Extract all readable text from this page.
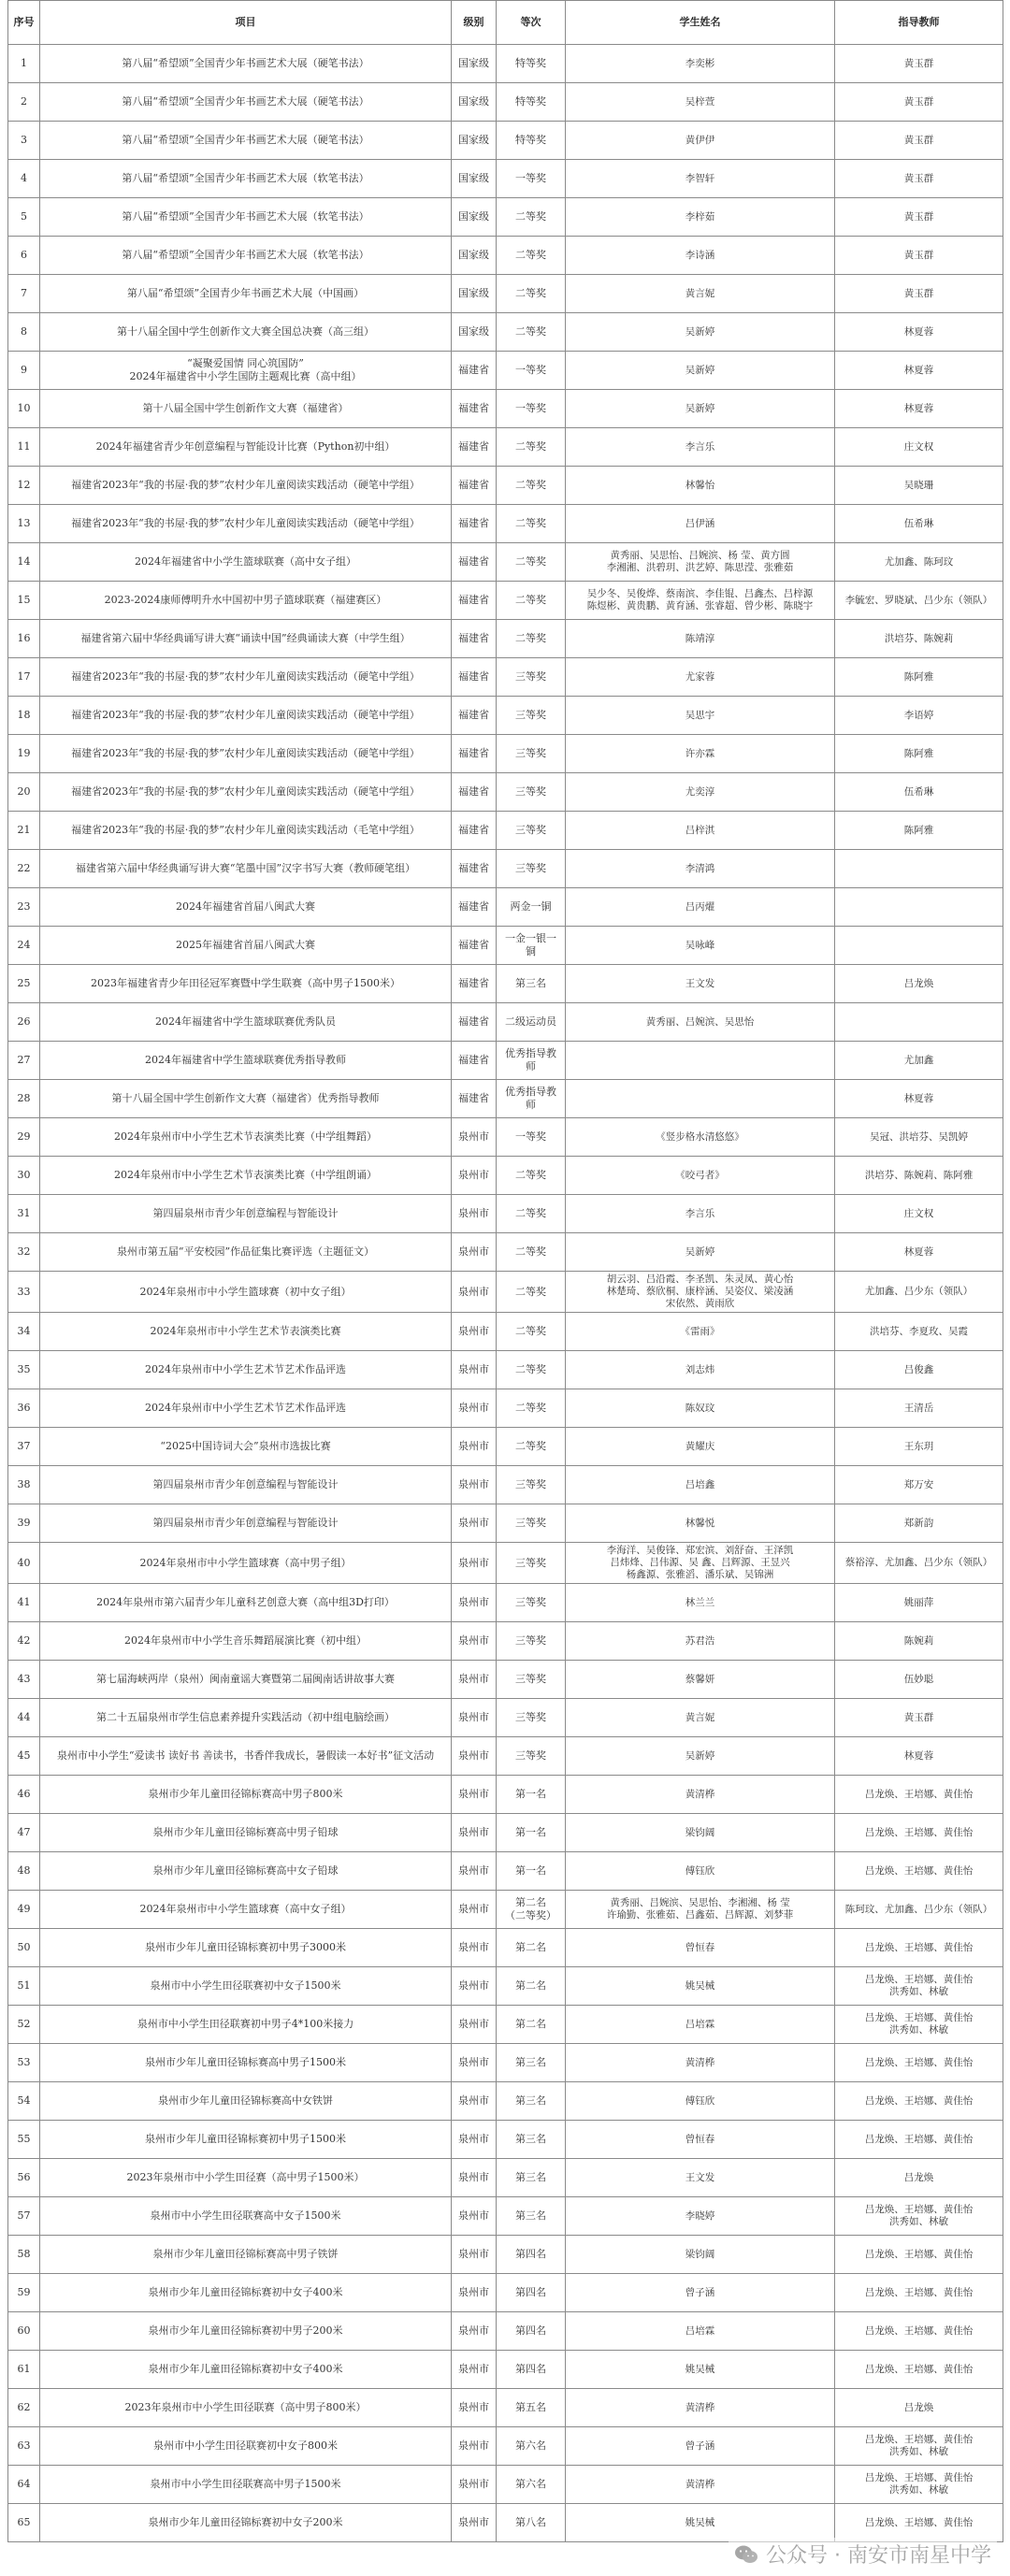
序号	项目	级别	等次	学生姓名	指导教师
1	第八届“希望颂”全国青少年书画艺术大展（硬笔书法）	国家级	特等奖	李奕彬	黄玉群
2	第八届“希望颂”全国青少年书画艺术大展（硬笔书法）	国家级	特等奖	吴梓萱	黄玉群
3	第八届“希望颂”全国青少年书画艺术大展（硬笔书法）	国家级	特等奖	黄伊伊	黄玉群
4	第八届“希望颂”全国青少年书画艺术大展（软笔书法）	国家级	一等奖	李智轩	黄玉群
5	第八届“希望颂”全国青少年书画艺术大展（软笔书法）	国家级	二等奖	李梓茹	黄玉群
6	第八届“希望颂”全国青少年书画艺术大展（软笔书法）	国家级	二等奖	李诗涵	黄玉群
7	第八届“希望颂”全国青少年书画艺术大展（中国画）	国家级	二等奖	黄言妮	黄玉群
8	第十八届全国中学生创新作文大赛全国总决赛（高三组）	国家级	二等奖	吴新婷	林夏蓉
9	“凝聚爱国情 同心筑国防”
2024年福建省中小学生国防主题观比赛（高中组）	福建省	一等奖	吴新婷	林夏蓉
10	第十八届全国中学生创新作文大赛（福建省）	福建省	一等奖	吴新婷	林夏蓉
11	2024年福建省青少年创意编程与智能设计比赛（Python初中组）	福建省	二等奖	李言乐	庄文权
12	福建省2023年“我的书屋·我的梦”农村少年儿童阅读实践活动（硬笔中学组）	福建省	二等奖	林馨怡	吴晓珊
13	福建省2023年“我的书屋·我的梦”农村少年儿童阅读实践活动（硬笔中学组）	福建省	二等奖	吕伊涵	伍希琳
14	2024年福建省中小学生篮球联赛（高中女子组）	福建省	二等奖	黄秀丽、吴思怡、吕婉滨、杨 莹、黄方圆
李湘湘、洪碧玥、洪艺婷、陈思滢、张雅茹	尤加鑫、陈珂玟
15	2023-2024康师傅明升水中国初中男子篮球联赛（福建赛区）	福建省	二等奖	吴少冬、吴俊烨、蔡南滨、李佳锟、吕鑫杰、吕梓源
陈煜彬、黄贵鹏、黄育涵、张睿超、曾少彬、陈晓宇	李毓宏、罗晓斌、吕少东（领队）
16	福建省第六届中华经典诵写讲大赛“诵读中国”经典诵读大赛（中学生组）	福建省	二等奖	陈靖淳	洪培芬、陈婉莉
17	福建省2023年“我的书屋·我的梦”农村少年儿童阅读实践活动（硬笔中学组）	福建省	三等奖	尤家蓉	陈阿雅
18	福建省2023年“我的书屋·我的梦”农村少年儿童阅读实践活动（硬笔中学组）	福建省	三等奖	吴思宇	李语婷
19	福建省2023年“我的书屋·我的梦”农村少年儿童阅读实践活动（硬笔中学组）	福建省	三等奖	许亦霖	陈阿雅
20	福建省2023年“我的书屋·我的梦”农村少年儿童阅读实践活动（硬笔中学组）	福建省	三等奖	尤奕淳	伍希琳
21	福建省2023年“我的书屋·我的梦”农村少年儿童阅读实践活动（毛笔中学组）	福建省	三等奖	吕梓淇	陈阿雅
22	福建省第六届中华经典诵写讲大赛“笔墨中国”汉字书写大赛（教师硬笔组）	福建省	三等奖	李清鸿	
23	2024年福建省首届八闽武大赛	福建省	两金一铜	吕丙燿	
24	2025年福建省首届八闽武大赛	福建省	一金一银一铜	吴咏峰	
25	2023年福建省青少年田径冠军赛暨中学生联赛（高中男子1500米）	福建省	第三名	王文发	吕龙焕
26	2024年福建省中学生篮球联赛优秀队员	福建省	二级运动员	黄秀丽、吕婉滨、吴思怡	
27	2024年福建省中学生篮球联赛优秀指导教师	福建省	优秀指导教师		尤加鑫
28	第十八届全国中学生创新作文大赛（福建省）优秀指导教师	福建省	优秀指导教师		林夏蓉
29	2024年泉州市中小学生艺术节表演类比赛（中学组舞蹈）	泉州市	一等奖	《竖步格水清悠悠》	吴冠、洪培芬、吴凯婷
30	2024年泉州市中小学生艺术节表演类比赛（中学组朗诵）	泉州市	二等奖	《咬弓者》	洪培芬、陈婉莉、陈阿雅
31	第四届泉州市青少年创意编程与智能设计	泉州市	二等奖	李言乐	庄文权
32	泉州市第五届“平安校园”作品征集比赛评选（主题征文）	泉州市	二等奖	吴新婷	林夏蓉
33	2024年泉州市中小学生篮球赛（初中女子组）	泉州市	二等奖	胡云羽、吕沿霞、李圣凯、朱灵凤、黄心怡
林楚琦、蔡欣桐、康梓涵、吴姿仪、梁凌涵
宋依然、黄雨欣	尤加鑫、吕少东（领队）
34	2024年泉州市中小学生艺术节表演类比赛	泉州市	二等奖	《雷雨》	洪培芬、李夏玫、吴霞
35	2024年泉州市中小学生艺术节艺术作品评选	泉州市	二等奖	刘志炜	吕俊鑫
36	2024年泉州市中小学生艺术节艺术作品评选	泉州市	二等奖	陈奴玟	王清岳
37	“2025中国诗词大会”泉州市选拔比赛	泉州市	二等奖	黄耀庆	王东玥
38	第四届泉州市青少年创意编程与智能设计	泉州市	三等奖	吕培鑫	郑万安
39	第四届泉州市青少年创意编程与智能设计	泉州市	三等奖	林馨悦	郑新韵
40	2024年泉州市中小学生篮球赛（高中男子组）	泉州市	三等奖	李海洋、吴俊锋、郑宏滨、刘舒奋、王泽凯
吕炜烽、吕伟源、吴 鑫、吕辉源、王昱兴
杨鑫源、张雅滔、潘乐斌、吴锦洲	蔡裕淳、尤加鑫、吕少东（领队）
41	2024年泉州市第六届青少年儿童科艺创意大赛（高中组3D打印）	泉州市	三等奖	林兰兰	姚丽萍
42	2024年泉州市中小学生音乐舞蹈展演比赛（初中组）	泉州市	三等奖	苏君浩	陈婉莉
43	第七届海峡两岸（泉州）闽南童谣大赛暨第二届闽南话讲故事大赛	泉州市	三等奖	蔡馨妍	伍妙聪
44	第二十五届泉州市学生信息素养提升实践活动（初中组电脑绘画）	泉州市	三等奖	黄言妮	黄玉群
45	泉州市中小学生“爱读书 读好书 善读书，书香伴我成长，暑假读一本好书”征文活动	泉州市	三等奖	吴新婷	林夏蓉
46	泉州市少年儿童田径锦标赛高中男子800米	泉州市	第一名	黄清桦	吕龙焕、王培娜、黄佳怡
47	泉州市少年儿童田径锦标赛高中男子铅球	泉州市	第一名	梁钧阔	吕龙焕、王培娜、黄佳怡
48	泉州市少年儿童田径锦标赛高中女子铅球	泉州市	第一名	傅钰欣	吕龙焕、王培娜、黄佳怡
49	2024年泉州市中小学生篮球赛（高中女子组）	泉州市	第二名
（二等奖）	黄秀丽、吕婉滨、吴思怡、李湘湘、杨 莹
许瑜勤、张雅茹、吕鑫茹、吕辉源、刘梦菲	陈珂玟、尤加鑫、吕少东（领队）
50	泉州市少年儿童田径锦标赛初中男子3000米	泉州市	第二名	曾恒春	吕龙焕、王培娜、黄佳怡
51	泉州市中小学生田径联赛初中女子1500米	泉州市	第二名	姚吴械	吕龙焕、王培娜、黄佳怡
洪秀如、林敏
52	泉州市中小学生田径联赛初中男子4*100米接力	泉州市	第二名	吕培霖	吕龙焕、王培娜、黄佳怡
洪秀如、林敏
53	泉州市少年儿童田径锦标赛高中男子1500米	泉州市	第三名	黄清桦	吕龙焕、王培娜、黄佳怡
54	泉州市少年儿童田径锦标赛高中女铁饼	泉州市	第三名	傅钰欣	吕龙焕、王培娜、黄佳怡
55	泉州市少年儿童田径锦标赛初中男子1500米	泉州市	第三名	曾恒春	吕龙焕、王培娜、黄佳怡
56	2023年泉州市中小学生田径赛（高中男子1500米）	泉州市	第三名	王文发	吕龙焕
57	泉州市中小学生田径联赛高中女子1500米	泉州市	第三名	李晓婷	吕龙焕、王培娜、黄佳怡
洪秀如、林敏
58	泉州市少年儿童田径锦标赛高中男子铁饼	泉州市	第四名	梁钧阔	吕龙焕、王培娜、黄佳怡
59	泉州市少年儿童田径锦标赛初中女子400米	泉州市	第四名	曾子涵	吕龙焕、王培娜、黄佳怡
60	泉州市少年儿童田径锦标赛初中男子200米	泉州市	第四名	吕培霖	吕龙焕、王培娜、黄佳怡
61	泉州市少年儿童田径锦标赛初中女子400米	泉州市	第四名	姚吴械	吕龙焕、王培娜、黄佳怡
62	2023年泉州市中小学生田径联赛（高中男子800米）	泉州市	第五名	黄清桦	吕龙焕
63	泉州市中小学生田径联赛初中女子800米	泉州市	第六名	曾子涵	吕龙焕、王培娜、黄佳怡
洪秀如、林敏
64	泉州市中小学生田径联赛高中男子1500米	泉州市	第六名	黄清桦	吕龙焕、王培娜、黄佳怡
洪秀如、林敏
65	泉州市少年儿童田径锦标赛初中女子200米	泉州市	第八名	姚吴械	吕龙焕、王培娜、黄佳怡
公众号 · 南安市南星中学
